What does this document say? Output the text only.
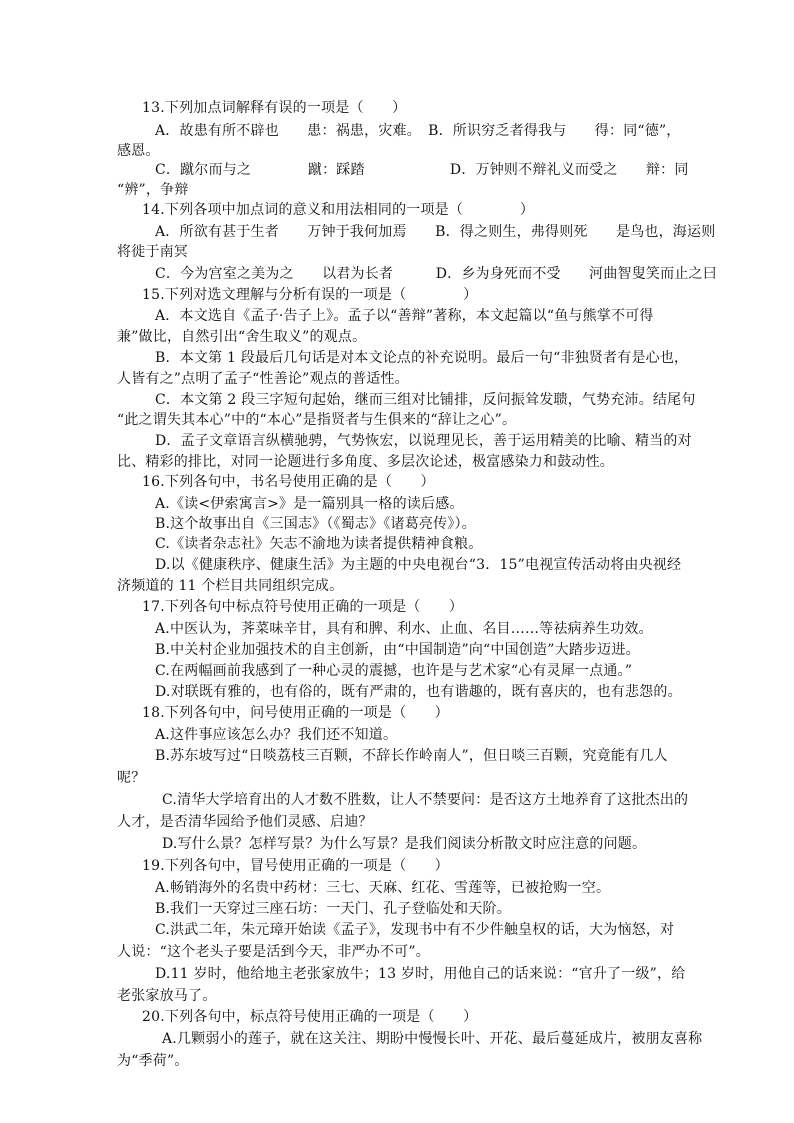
13.下列加点词解释有误的一项是（　　）
A．故患有所不辟也　　患：祸患，灾难。　B．所识穷乏者得我与　　得：同“德”，
感恩。
C．蹴尔而与之　　　　蹴：踩踏　　　　　　D．万钟则不辩礼义而受之　　辩：同
“辨”，争辩
14.下列各项中加点词的意义和用法相同的一项是（　　　　）
A．所欲有甚于生者　　万钟于我何加焉　　B．得之则生，弗得则死　　是鸟也，海运则
将徙于南冥
C．今为宫室之美为之　　以君为长者　　　D．乡为身死而不受　　河曲智叟笑而止之曰
15.下列对选文理解与分析有误的一项是（　　　　）
A．本文选自《孟子·告子上》。孟子以“善辩”著称，本文起篇以“鱼与熊掌不可得
兼”做比，自然引出“舍生取义”的观点。
B．本文第 1 段最后几句话是对本文论点的补充说明。最后一句“非独贤者有是心也，
人皆有之”点明了孟子“性善论”观点的普适性。
C．本文第 2 段三字短句起始，继而三组对比铺排，反问振耸发聩，气势充沛。结尾句
“此之谓失其本心”中的“本心”是指贤者与生俱来的“辞让之心”。
D．孟子文章语言纵横驰骋，气势恢宏，以说理见长，善于运用精美的比喻、精当的对
比、精彩的排比，对同一论题进行多角度、多层次论述，极富感染力和鼓动性。
16.下列各句中，书名号使用正确的是（　　）
A.《读<伊索寓言>》是一篇别具一格的读后感。
B.这个故事出自《三国志》（《蜀志》《诸葛亮传》）。
C.《读者杂志社》矢志不渝地为读者提供精神食粮。
D.以《健康秩序、健康生活》为主题的中央电视台“3．15”电视宣传活动将由央视经
济频道的 11 个栏目共同组织完成。
17.下列各句中标点符号使用正确的一项是（　　）
A.中医认为，荠菜味辛甘，具有和脾、利水、止血、名目……等祛病养生功效。
B.中关村企业加强技术的自主创新，由“中国制造”向“中国创造”大踏步迈进。
C.在两幅画前我感到了一种心灵的震撼，也许是与艺术家“心有灵犀一点通。”
D.对联既有雅的，也有俗的，既有严肃的，也有谐趣的，既有喜庆的，也有悲怨的。
18.下列各句中，问号使用正确的一项是（　　）
A.这件事应该怎么办？我们还不知道。
B.苏东坡写过“日啖荔枝三百颗，不辞长作岭南人”，但日啖三百颗，究竟能有几人
呢？
C.清华大学培育出的人才数不胜数，让人不禁要问：是否这方土地养育了这批杰出的
人才，是否清华园给予他们灵感、启迪？
D.写什么景？怎样写景？为什么写景？是我们阅读分析散文时应注意的问题。
19.下列各句中，冒号使用正确的一项是（　　）
A.畅销海外的名贵中药材：三七、天麻、红花、雪莲等，已被抢购一空。
B.我们一天穿过三座石坊：一天门、孔子登临处和天阶。
C.洪武二年，朱元璋开始读《孟子》，发现书中有不少件触皇权的话，大为恼怒，对
人说：“这个老头子要是活到今天，非严办不可”。
D.11 岁时，他给地主老张家放牛；13 岁时，用他自己的话来说：“官升了一级”，给
老张家放马了。
20.下列各句中，标点符号使用正确的一项是（　　）
A.几颗弱小的莲子，就在这关注、期盼中慢慢长叶、开花、最后蔓延成片，被朋友喜称
为“季荷”。
